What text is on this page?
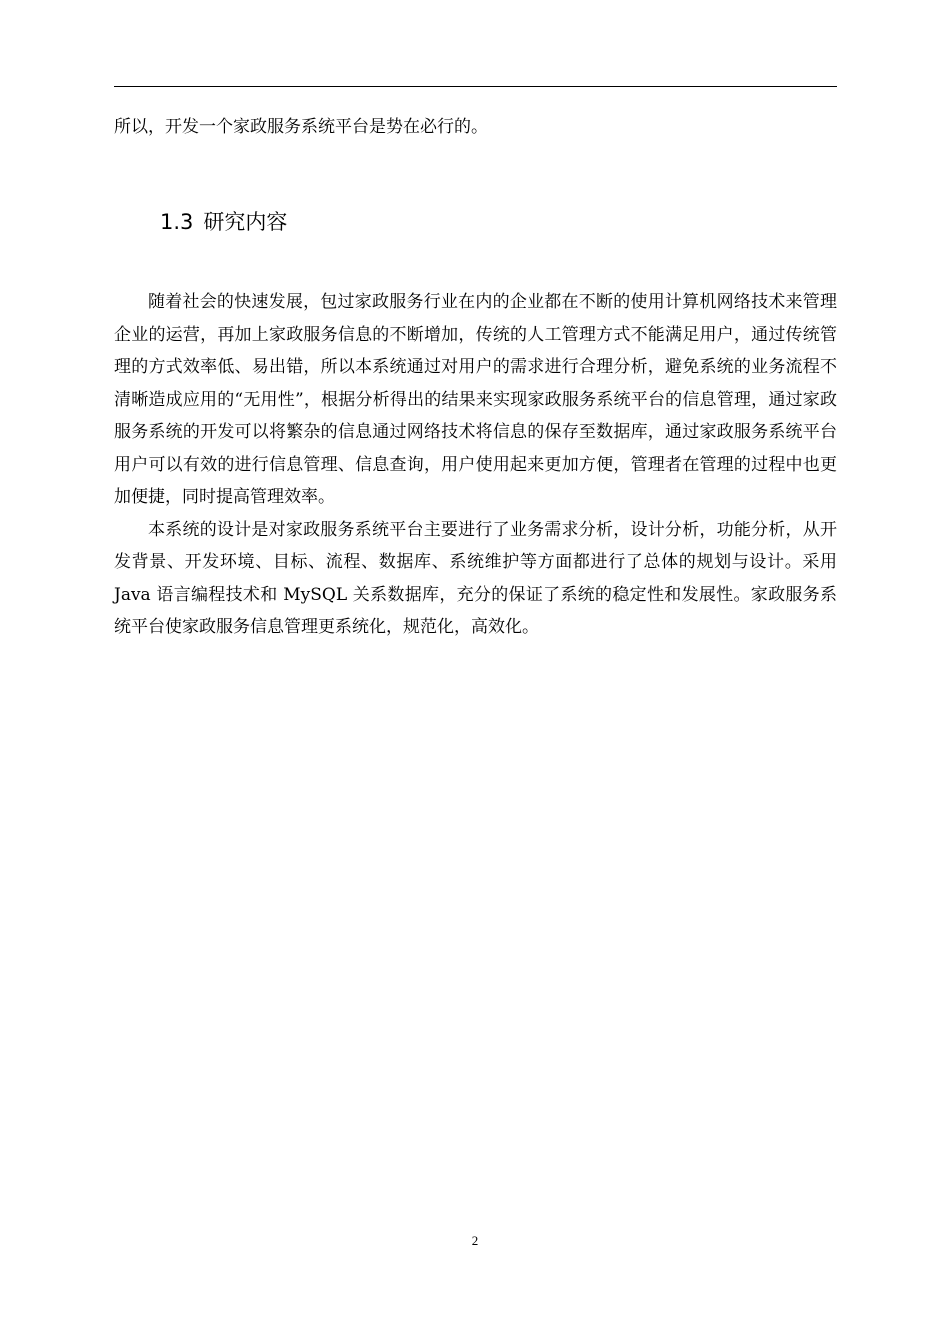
所以，开发一个家政服务系统平台是势在必行的。

1.3 研究内容

随着社会的快速发展，包过家政服务行业在内的企业都在不断的使用计算机网络技术来管理企业的运营，再加上家政服务信息的不断增加，传统的人工管理方式不能满足用户，通过传统管理的方式效率低、易出错，所以本系统通过对用户的需求进行合理分析，避免系统的业务流程不清晰造成应用的“无用性”，根据分析得出的结果来实现家政服务系统平台的信息管理，通过家政服务系统的开发可以将繁杂的信息通过网络技术将信息的保存至数据库，通过家政服务系统平台用户可以有效的进行信息管理、信息查询，用户使用起来更加方便，管理者在管理的过程中也更加便捷，同时提高管理效率。

本系统的设计是对家政服务系统平台主要进行了业务需求分析，设计分析，功能分析，从开发背景、开发环境、目标、流程、数据库、系统维护等方面都进行了总体的规划与设计。采用 Java 语言编程技术和 MySQL 关系数据库，充分的保证了系统的稳定性和发展性。家政服务系统平台使家政服务信息管理更系统化，规范化，高效化。

2
